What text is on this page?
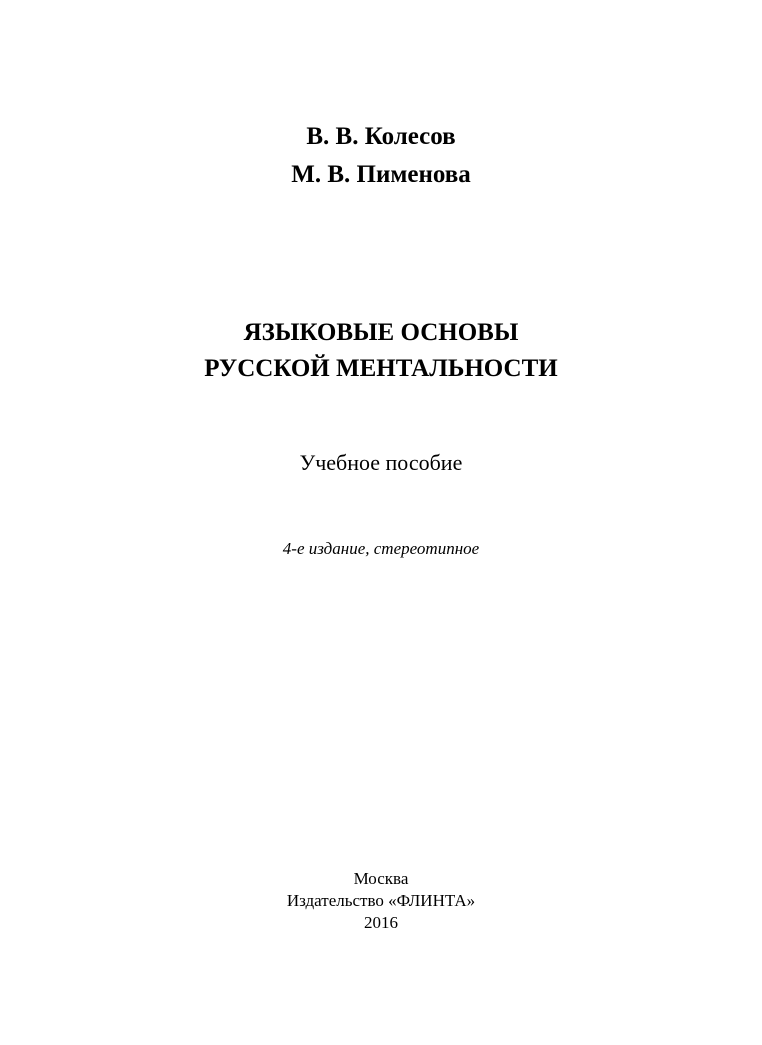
В. В. Колесов
М. В. Пименова
ЯЗЫКОВЫЕ ОСНОВЫ
РУССКОЙ МЕНТАЛЬНОСТИ
Учебное пособие
4-е издание, стереотипное
Москва
Издательство «ФЛИНТА»
2016
